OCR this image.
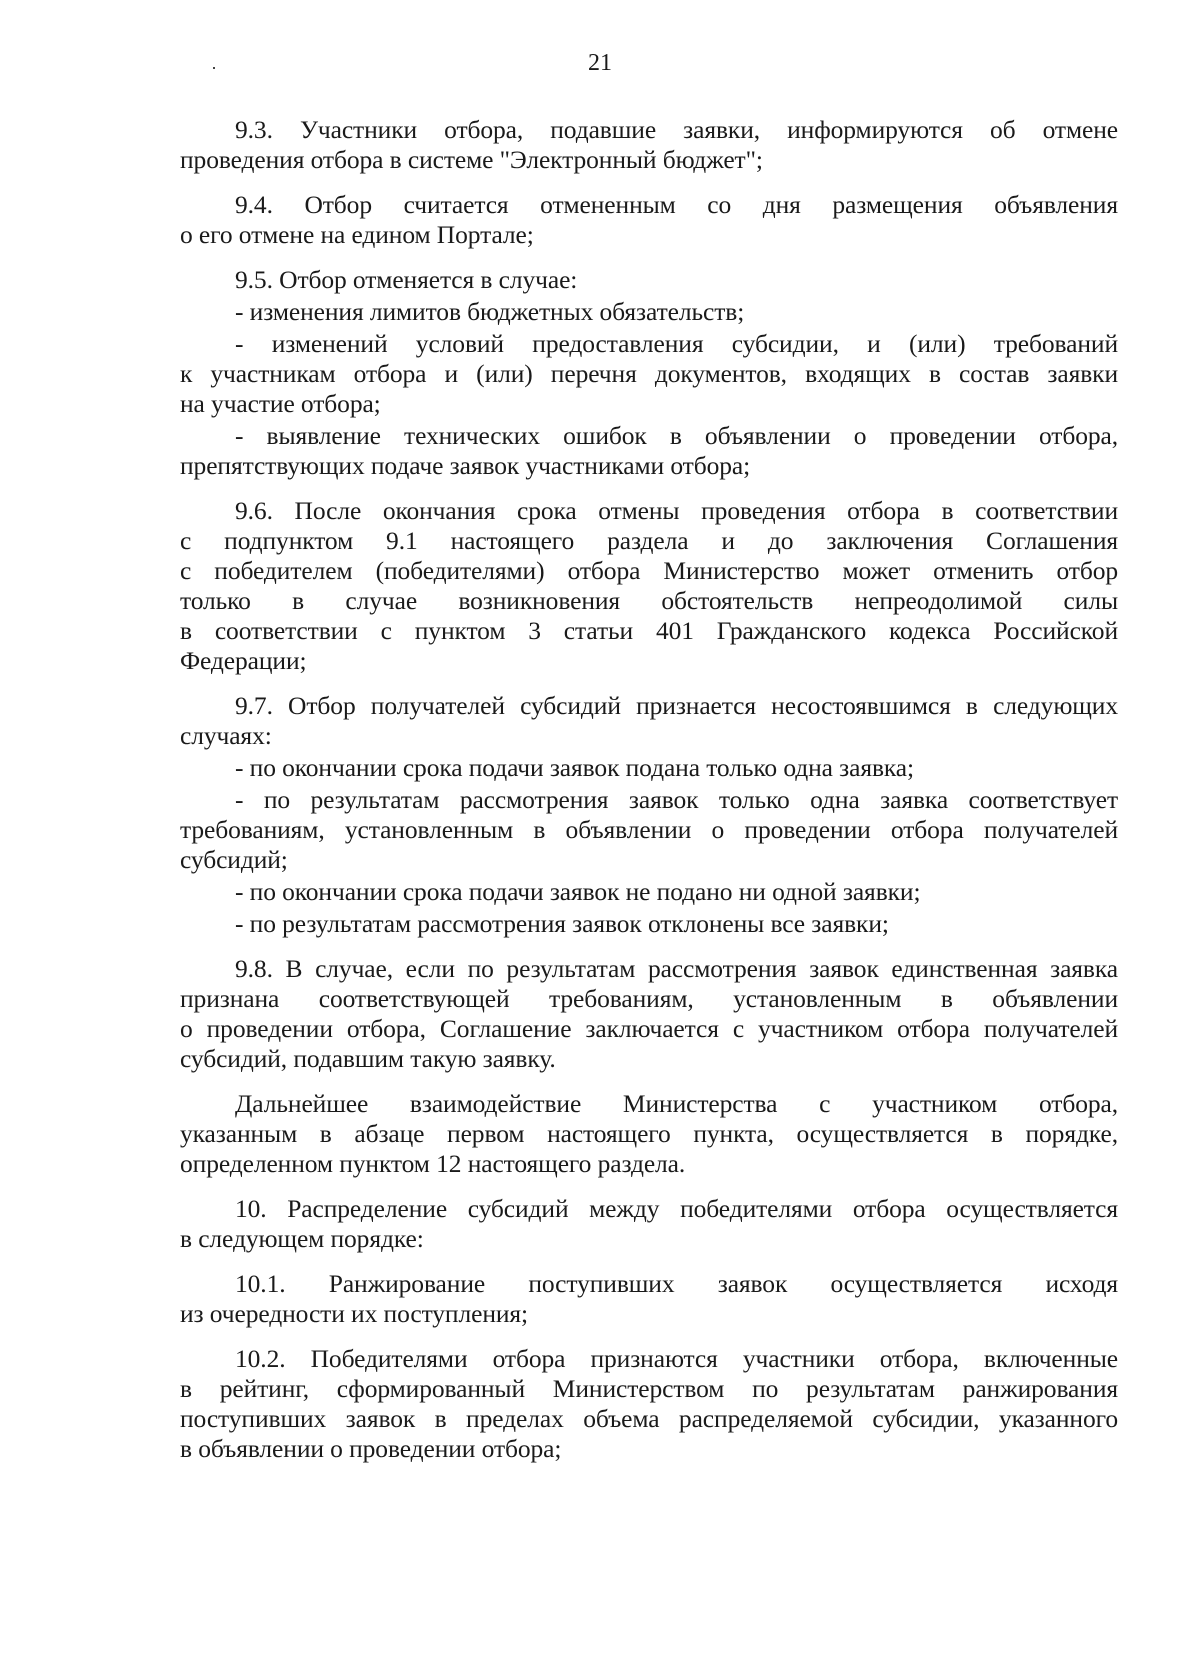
21
9.3. Участники отбора, подавшие заявки, информируются об отмене
проведения отбора в системе "Электронный бюджет";
9.4. Отбор считается отмененным со дня размещения объявления
о его отмене на едином Портале;
9.5. Отбор отменяется в случае:
- изменения лимитов бюджетных обязательств;
- изменений условий предоставления субсидии, и (или) требований
к участникам отбора и (или) перечня документов, входящих в состав заявки
на участие отбора;
- выявление технических ошибок в объявлении о проведении отбора,
препятствующих подаче заявок участниками отбора;
9.6. После окончания срока отмены проведения отбора в соответствии
с подпунктом 9.1 настоящего раздела и до заключения Соглашения
с победителем (победителями) отбора Министерство может отменить отбор
только в случае возникновения обстоятельств непреодолимой силы
в соответствии с пунктом 3 статьи 401 Гражданского кодекса Российской
Федерации;
9.7. Отбор получателей субсидий признается несостоявшимся в следующих
случаях:
- по окончании срока подачи заявок подана только одна заявка;
- по результатам рассмотрения заявок только одна заявка соответствует
требованиям, установленным в объявлении о проведении отбора получателей
субсидий;
- по окончании срока подачи заявок не подано ни одной заявки;
- по результатам рассмотрения заявок отклонены все заявки;
9.8. В случае, если по результатам рассмотрения заявок единственная заявка
признана соответствующей требованиям, установленным в объявлении
о проведении отбора, Соглашение заключается с участником отбора получателей
субсидий, подавшим такую заявку.
Дальнейшее взаимодействие Министерства с участником отбора,
указанным в абзаце первом настоящего пункта, осуществляется в порядке,
определенном пунктом 12 настоящего раздела.
10. Распределение субсидий между победителями отбора осуществляется
в следующем порядке:
10.1. Ранжирование поступивших заявок осуществляется исходя
из очередности их поступления;
10.2. Победителями отбора признаются участники отбора, включенные
в рейтинг, сформированный Министерством по результатам ранжирования
поступивших заявок в пределах объема распределяемой субсидии, указанного
в объявлении о проведении отбора;
